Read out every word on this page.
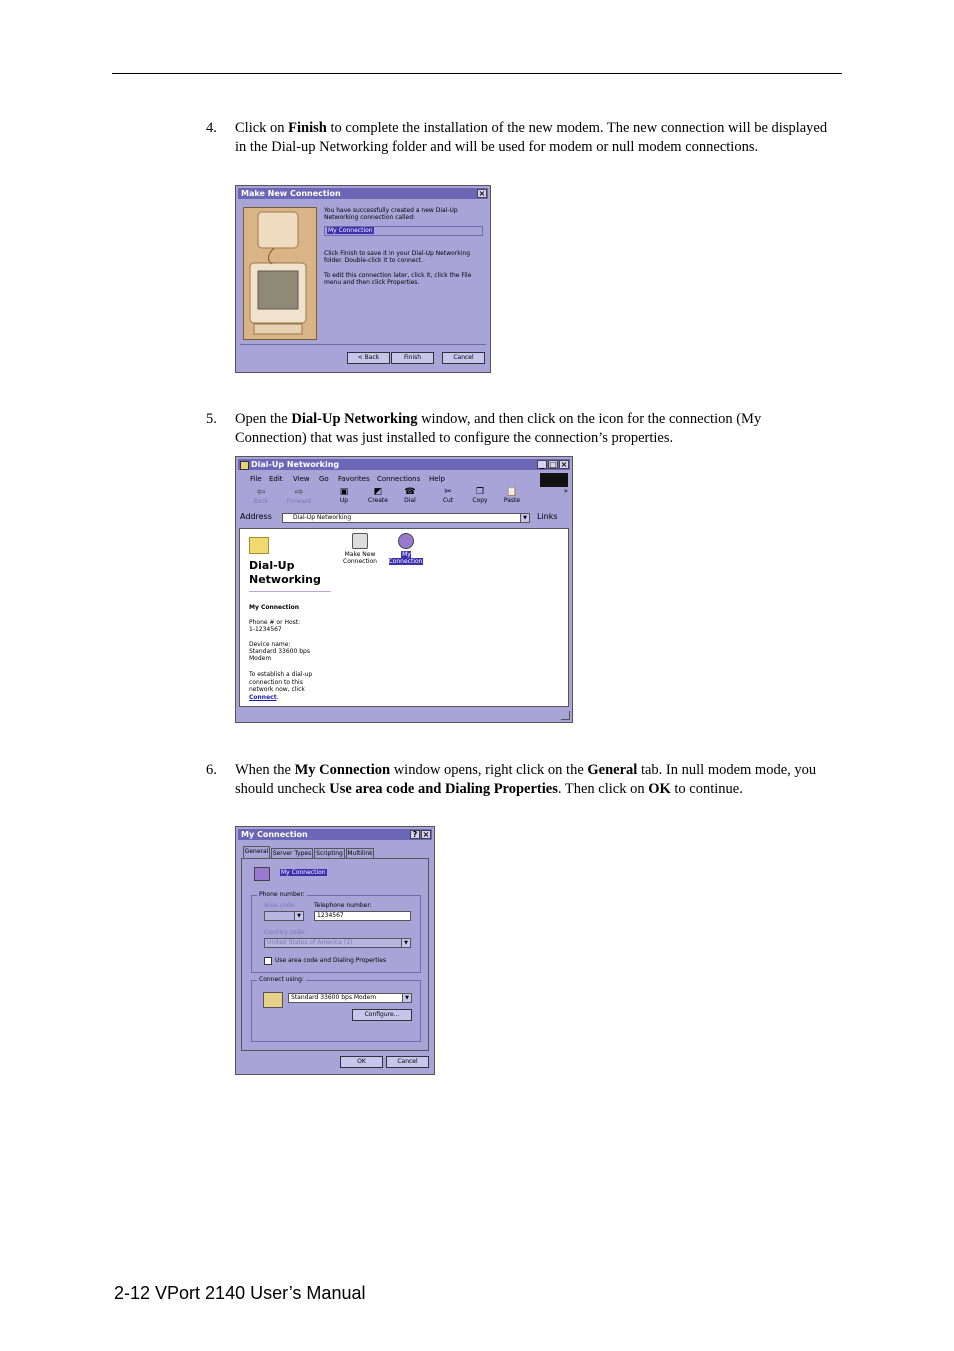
4. Click on Finish to complete the installation of the new modem. The new connection will be displayed in the Dial-up Networking folder and will be used for modem or null modem connections.
Make New Connection	×
You have successfully created a new Dial-Up Networking connection called:
My Connection
Click Finish to save it in your Dial-Up Networking folder. Double-click it to connect.
To edit this connection later, click it, click the File menu and then click Properties.
< Back	Finish	Cancel
5. Open the Dial-Up Networking window, and then click on the icon for the connection (My Connection) that was just installed to configure the connection’s properties.
Dial-Up Networking	_ □ ×
File Edit View Go Favorites Connections Help
⇦
Back
⇨
Forward
▣
Up
◩
Create
☎
Dial
✂
Cut
❐
Copy
📋
Paste
»
Address	Dial-Up Networking	▼ Links
Dial-Up Networking
My Connection
Phone # or Host:
1-1234567
Device name:
Standard 33600 bps Modem
To establish a dial-up connection to this network now, click
Connect.
Make New Connection
My Connection
6. When the My Connection window opens, right click on the General tab. In null modem mode, you should uncheck Use area code and Dialing Properties. Then click on OK to continue.
My Connection	? ×
General Server Types Scripting Multilink
My Connection
Phone number:
Area code:
▼
Telephone number:
1234567
Country code:
United States of America (1)	▼
Use area code and Dialing Properties
Connect using:
Standard 33600 bps Modem	▼
Configure...
OK	Cancel
2-12 VPort 2140 User’s Manual
